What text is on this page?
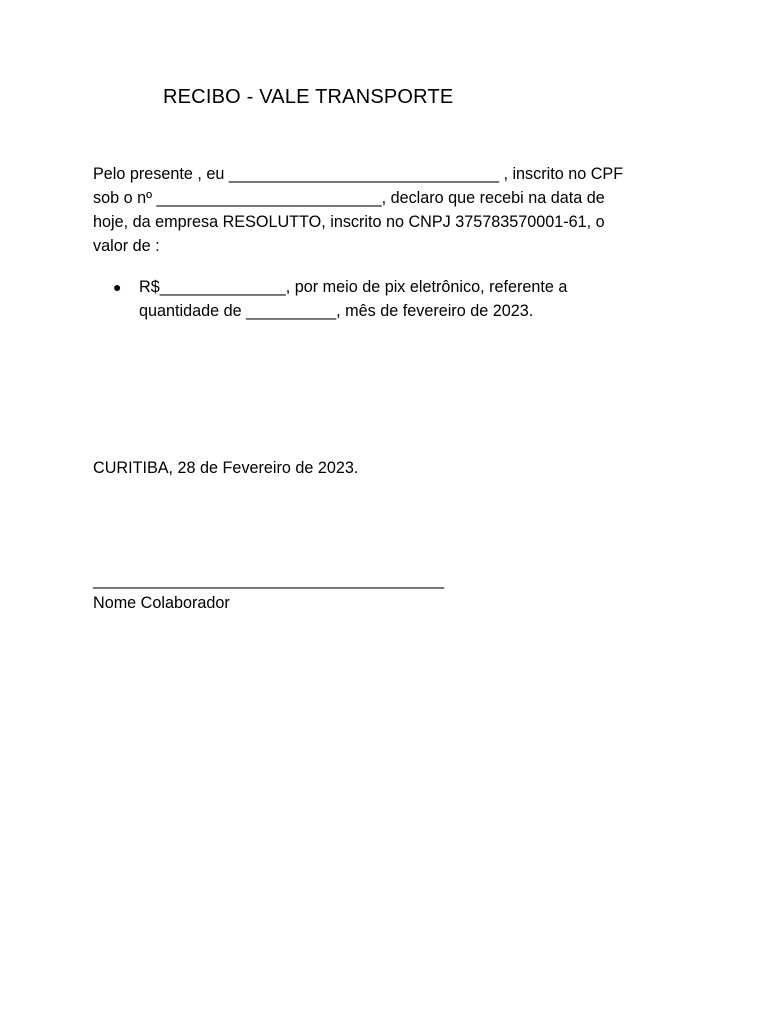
RECIBO - VALE TRANSPORTE
Pelo presente , eu ______________________________ , inscrito no CPF
sob o nº _________________________, declaro que recebi na data de
hoje, da empresa RESOLUTTO, inscrito no CNPJ 375783570001-61, o
valor de :
●	R$______________, por meio de pix eletrônico, referente a
quantidade de __________, mês de fevereiro de 2023.
CURITIBA, 28 de Fevereiro de 2023.
_______________________________________
Nome Colaborador
